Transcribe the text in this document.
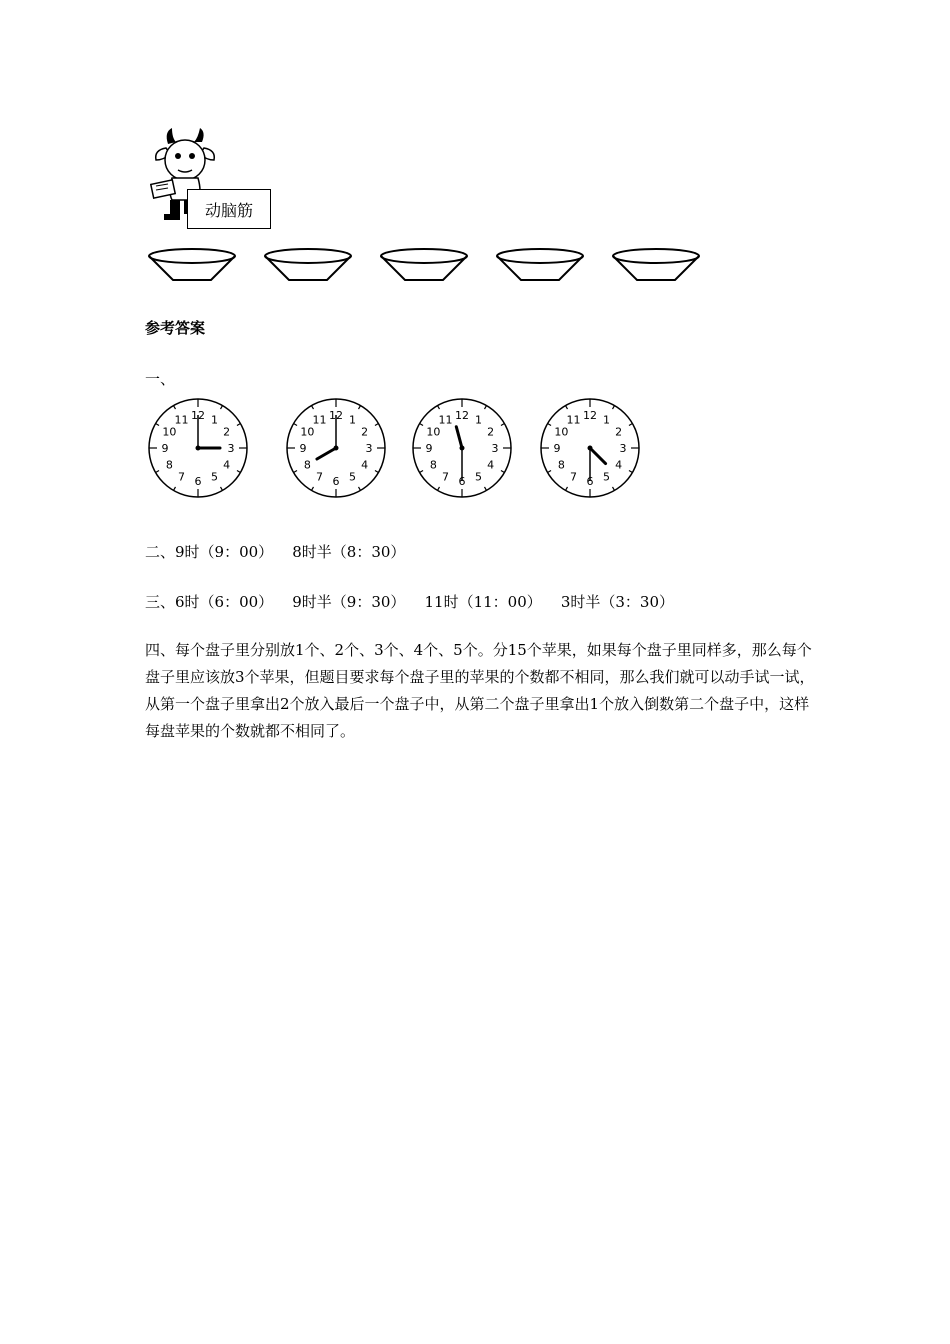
动脑筋
参考答案
一、
1
2
3
4
5
6
7
8
9
10
11 12	1
2
3
4
5
6
7
8
9
10
11 12	1
2
3
4
5
6
7
8
9
10
11 12	1
2
3
4
5
6
7
8
9
10
11 12
二、9时（9：00）    8时半（8：30）
三、6时（6：00）    9时半（9：30）    11时（11：00）    3时半（3：30）
四、每个盘子里分别放1个、2个、3个、4个、5个。分15个苹果，如果每个盘子里同样多，那么每个盘子里应该放3个苹果，但题目要求每个盘子里的苹果的个数都不相同，那么我们就可以动手试一试，从第一个盘子里拿出2个放入最后一个盘子中，从第二个盘子里拿出1个放入倒数第二个盘子中，这样每盘苹果的个数就都不相同了。
